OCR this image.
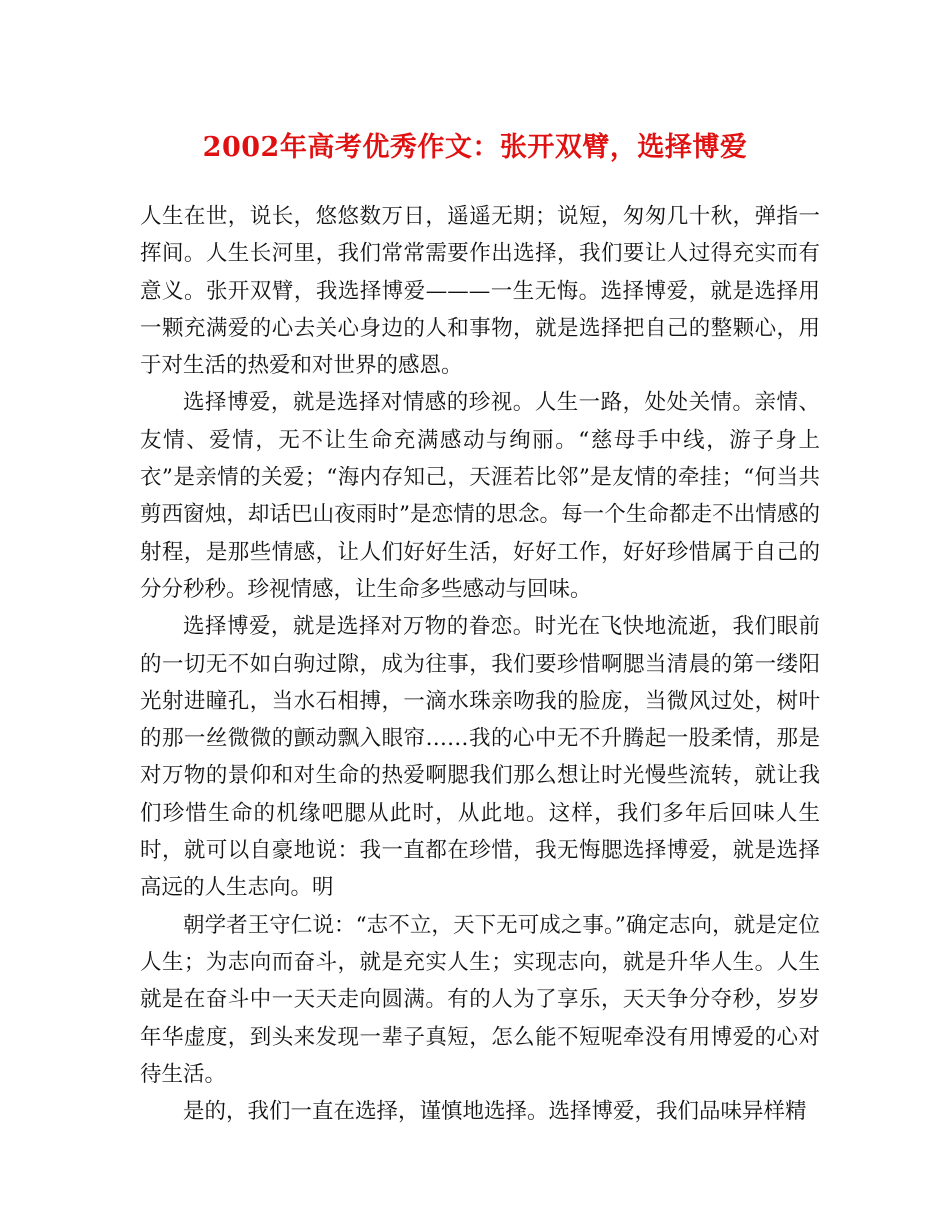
2002年高考优秀作文：张开双臂，选择博爱

人生在世，说长，悠悠数万日，遥遥无期；说短，匆匆几十秋，弹指一挥间。人生长河里，我们常常需要作出选择，我们要让人过得充实而有意义。张开双臂，我选择博爱———一生无悔。选择博爱，就是选择用一颗充满爱的心去关心身边的人和事物，就是选择把自己的整颗心，用于对生活的热爱和对世界的感恩。

选择博爱，就是选择对情感的珍视。人生一路，处处关情。亲情、友情、爱情，无不让生命充满感动与绚丽。“慈母手中线，游子身上衣”是亲情的关爱；“海内存知己，天涯若比邻”是友情的牵挂；“何当共剪西窗烛，却话巴山夜雨时”是恋情的思念。每一个生命都走不出情感的射程，是那些情感，让人们好好生活，好好工作，好好珍惜属于自己的分分秒秒。珍视情感，让生命多些感动与回味。

选择博爱，就是选择对万物的眷恋。时光在飞快地流逝，我们眼前的一切无不如白驹过隙，成为往事，我们要珍惜啊腮当清晨的第一缕阳光射进瞳孔，当水石相搏，一滴水珠亲吻我的脸庞，当微风过处，树叶的那一丝微微的颤动飘入眼帘……我的心中无不升腾起一股柔情，那是对万物的景仰和对生命的热爱啊腮我们那么想让时光慢些流转，就让我们珍惜生命的机缘吧腮从此时，从此地。这样，我们多年后回味人生时，就可以自豪地说：我一直都在珍惜，我无悔腮选择博爱，就是选择高远的人生志向。明

朝学者王守仁说：“志不立，天下无可成之事。”确定志向，就是定位人生；为志向而奋斗，就是充实人生；实现志向，就是升华人生。人生就是在奋斗中一天天走向圆满。有的人为了享乐，天天争分夺秒，岁岁年华虚度，到头来发现一辈子真短，怎么能不短呢牵没有用博爱的心对待生活。

是的，我们一直在选择，谨慎地选择。选择博爱，我们品味异样精
